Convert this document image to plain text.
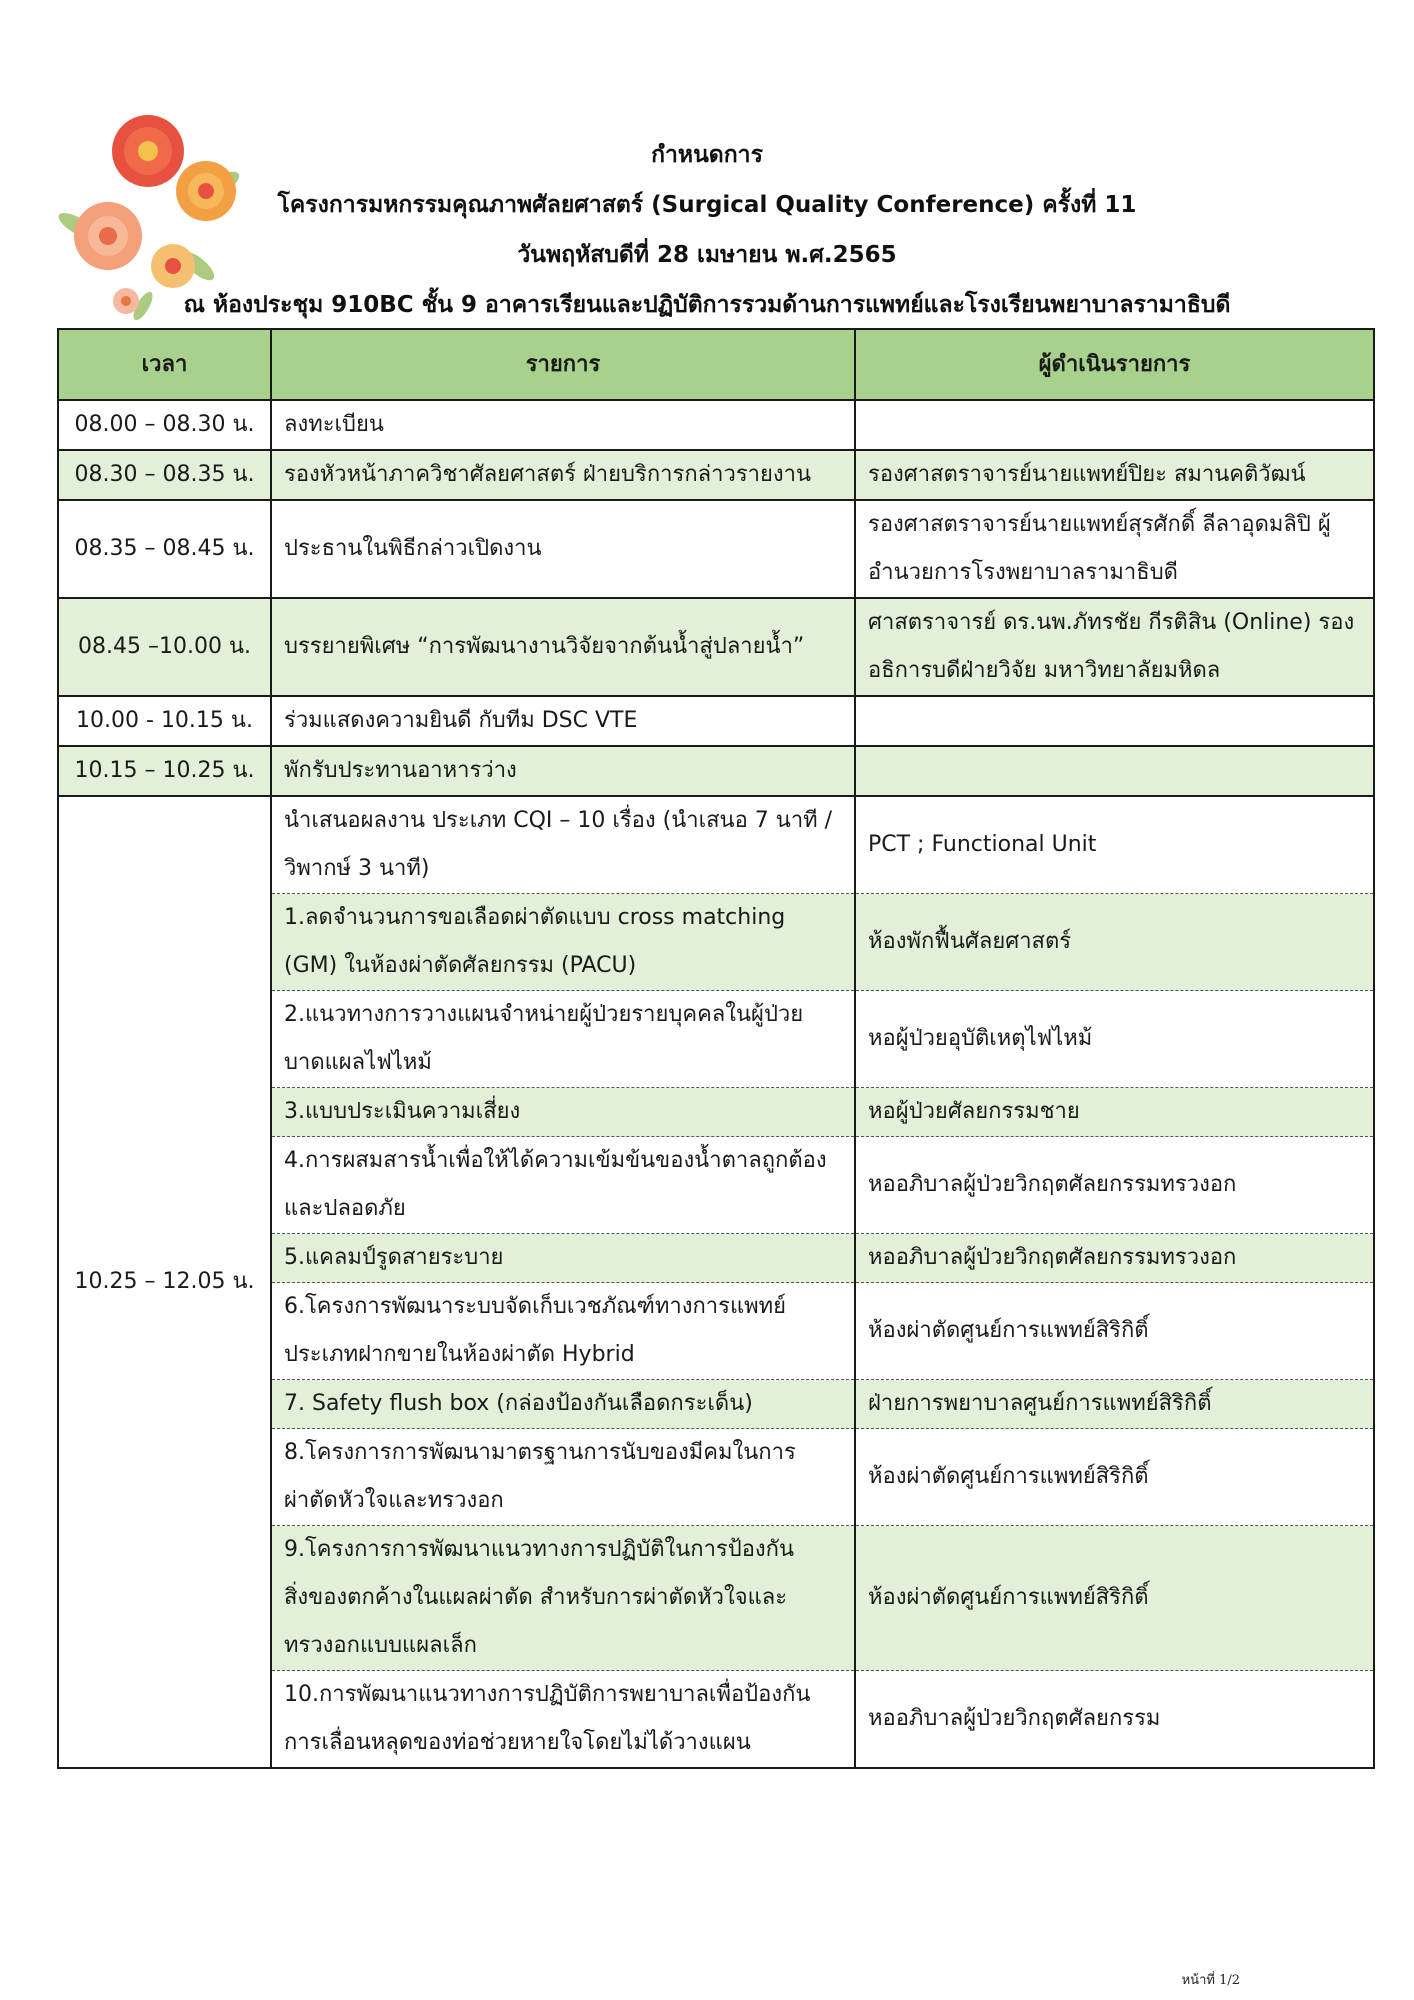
กำหนดการ
โครงการมหกรรมคุณภาพศัลยศาสตร์ (Surgical Quality Conference) ครั้งที่ 11
วันพฤหัสบดีที่ 28 เมษายน พ.ศ.2565
ณ ห้องประชุม 910BC ชั้น 9 อาคารเรียนและปฏิบัติการรวมด้านการแพทย์และโรงเรียนพยาบาลรามาธิบดี
เวลา	รายการ	ผู้ดำเนินรายการ
08.00 – 08.30 น.	ลงทะเบียน	
08.30 – 08.35 น.	รองหัวหน้าภาควิชาศัลยศาสตร์ ฝ่ายบริการกล่าวรายงาน	รองศาสตราจารย์นายแพทย์ปิยะ สมานคติวัฒน์
08.35 – 08.45 น.	ประธานในพิธีกล่าวเปิดงาน	รองศาสตราจารย์นายแพทย์สุรศักดิ์ ลีลาอุดมลิปิ ผู้อำนวยการโรงพยาบาลรามาธิบดี
08.45 –10.00 น.	บรรยายพิเศษ “การพัฒนางานวิจัยจากต้นน้ำสู่ปลายน้ำ”	ศาสตราจารย์ ดร.นพ.ภัทรชัย กีรติสิน (Online) รองอธิการบดีฝ่ายวิจัย มหาวิทยาลัยมหิดล
10.00 - 10.15 น.	ร่วมแสดงความยินดี กับทีม DSC VTE	
10.15 – 10.25 น.	พักรับประทานอาหารว่าง	
10.25 – 12.05 น.	นำเสนอผลงาน ประเภท CQI – 10 เรื่อง (นำเสนอ 7 นาที / วิพากษ์ 3 นาที)	PCT ; Functional Unit
	1.ลดจำนวนการขอเลือดผ่าตัดแบบ cross matching (GM) ในห้องผ่าตัดศัลยกรรม (PACU)	ห้องพักฟื้นศัลยศาสตร์
	2.แนวทางการวางแผนจำหน่ายผู้ป่วยรายบุคคลในผู้ป่วยบาดแผลไฟไหม้	หอผู้ป่วยอุบัติเหตุไฟไหม้
	3.แบบประเมินความเสี่ยง	หอผู้ป่วยศัลยกรรมชาย
	4.การผสมสารน้ำเพื่อให้ได้ความเข้มข้นของน้ำตาลถูกต้องและปลอดภัย	หออภิบาลผู้ป่วยวิกฤตศัลยกรรมทรวงอก
	5.แคลมป์รูดสายระบาย	หออภิบาลผู้ป่วยวิกฤตศัลยกรรมทรวงอก
	6.โครงการพัฒนาระบบจัดเก็บเวชภัณฑ์ทางการแพทย์ประเภทฝากขายในห้องผ่าตัด Hybrid	ห้องผ่าตัดศูนย์การแพทย์สิริกิติ์
	7. Safety flush box (กล่องป้องกันเลือดกระเด็น)	ฝ่ายการพยาบาลศูนย์การแพทย์สิริกิติ์
	8.โครงการการพัฒนามาตรฐานการนับของมีคมในการผ่าตัดหัวใจและทรวงอก	ห้องผ่าตัดศูนย์การแพทย์สิริกิติ์
	9.โครงการการพัฒนาแนวทางการปฏิบัติในการป้องกันสิ่งของตกค้างในแผลผ่าตัด สำหรับการผ่าตัดหัวใจและทรวงอกแบบแผลเล็ก	ห้องผ่าตัดศูนย์การแพทย์สิริกิติ์
	10.การพัฒนาแนวทางการปฏิบัติการพยาบาลเพื่อป้องกันการเลื่อนหลุดของท่อช่วยหายใจโดยไม่ได้วางแผน	หออภิบาลผู้ป่วยวิกฤตศัลยกรรม
หน้าที่ 1/2
